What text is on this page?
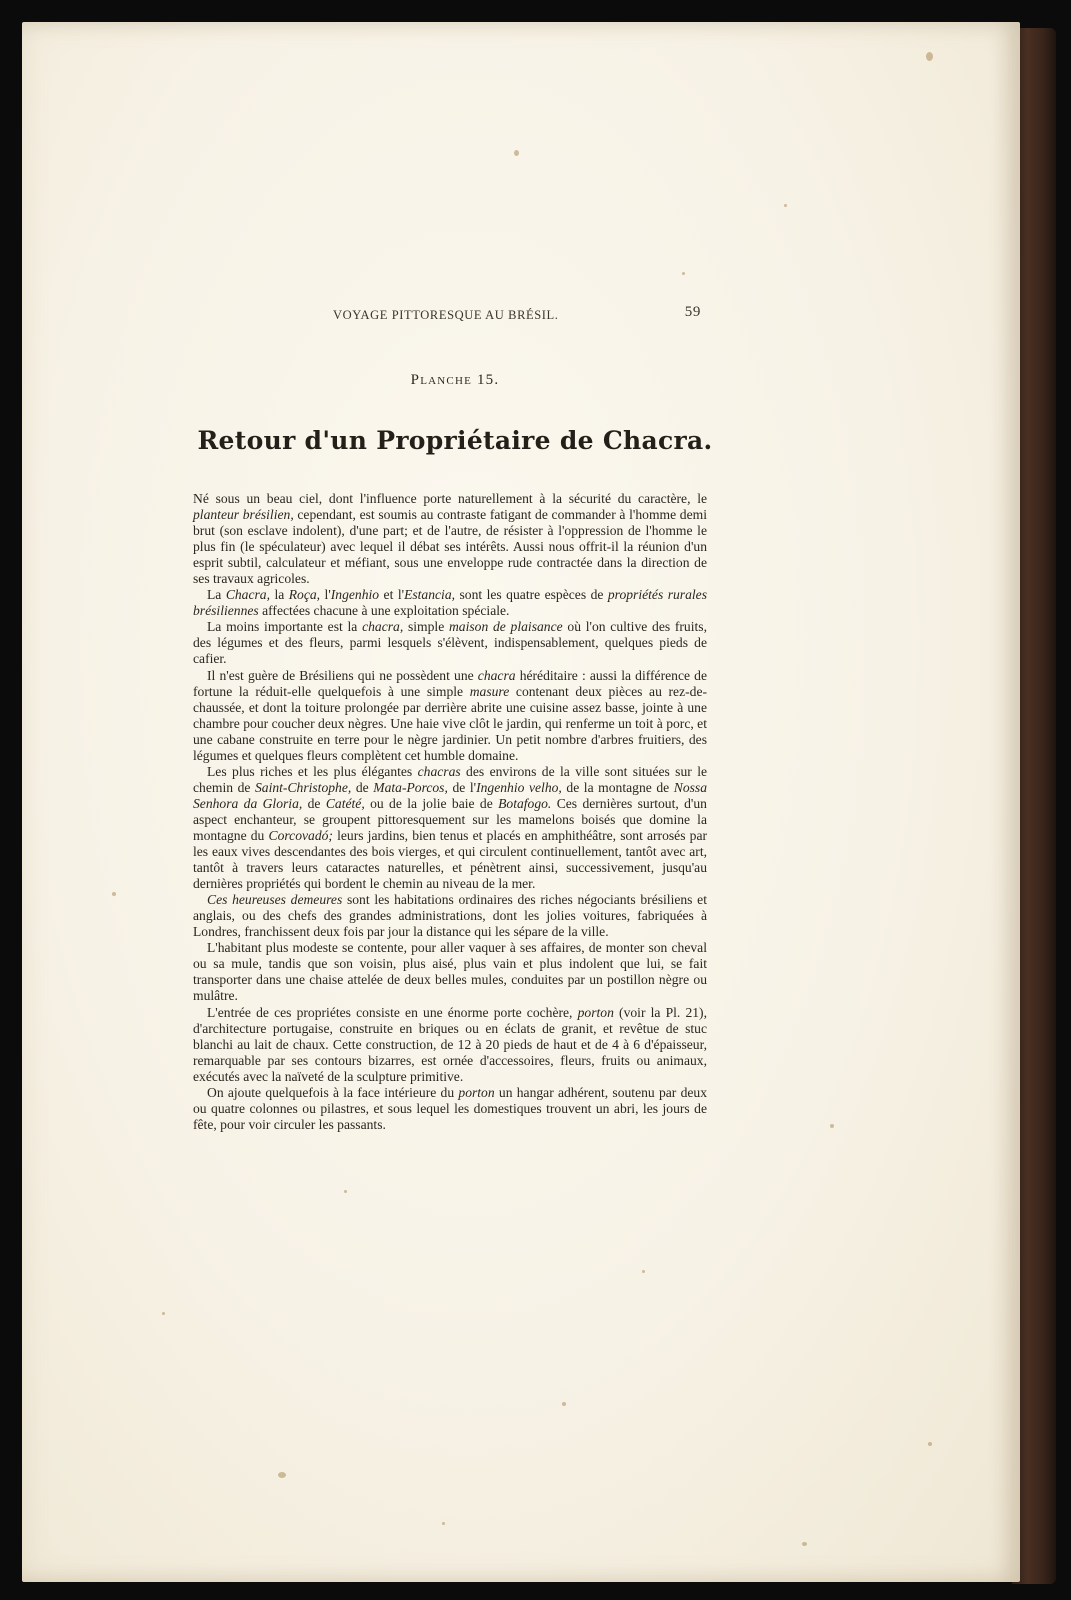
VOYAGE PITTORESQUE AU BRÉSIL.	59
Planche 15.
Retour d'un Propriétaire de Chacra.

Né sous un beau ciel, dont l'influence porte naturellement à la sécurité du caractère, le planteur brésilien, cependant, est soumis au contraste fatigant de commander à l'homme demi brut (son esclave indolent), d'une part; et de l'autre, de résister à l'oppression de l'homme le plus fin (le spéculateur) avec lequel il débat ses intérêts. Aussi nous offrit-il la réunion d'un esprit subtil, calculateur et méfiant, sous une enveloppe rude contractée dans la direction de ses travaux agricoles.

La Chacra, la Roça, l'Ingenhio et l'Estancia, sont les quatre espèces de propriétés rurales brésiliennes affectées chacune à une exploitation spéciale.

La moins importante est la chacra, simple maison de plaisance où l'on cultive des fruits, des légumes et des fleurs, parmi lesquels s'élèvent, indispensablement, quelques pieds de cafier.

Il n'est guère de Brésiliens qui ne possèdent une chacra héréditaire : aussi la différence de fortune la réduit-elle quelquefois à une simple masure contenant deux pièces au rez-de-chaussée, et dont la toiture prolongée par derrière abrite une cuisine assez basse, jointe à une chambre pour coucher deux nègres. Une haie vive clôt le jardin, qui renferme un toit à porc, et une cabane construite en terre pour le nègre jardinier. Un petit nombre d'arbres fruitiers, des légumes et quelques fleurs complètent cet humble domaine.

Les plus riches et les plus élégantes chacras des environs de la ville sont situées sur le chemin de Saint-Christophe, de Mata-Porcos, de l'Ingenhio velho, de la montagne de Nossa Senhora da Gloria, de Catété, ou de la jolie baie de Botafogo. Ces dernières surtout, d'un aspect enchanteur, se groupent pittoresquement sur les mamelons boisés que domine la montagne du Corcovadó; leurs jardins, bien tenus et placés en amphithéâtre, sont arrosés par les eaux vives descendantes des bois vierges, et qui circulent continuellement, tantôt avec art, tantôt à travers leurs cataractes naturelles, et pénètrent ainsi, successivement, jusqu'au dernières propriétés qui bordent le chemin au niveau de la mer.

Ces heureuses demeures sont les habitations ordinaires des riches négociants brésiliens et anglais, ou des chefs des grandes administrations, dont les jolies voitures, fabriquées à Londres, franchissent deux fois par jour la distance qui les sépare de la ville.

L'habitant plus modeste se contente, pour aller vaquer à ses affaires, de monter son cheval ou sa mule, tandis que son voisin, plus aisé, plus vain et plus indolent que lui, se fait transporter dans une chaise attelée de deux belles mules, conduites par un postillon nègre ou mulâtre.

L'entrée de ces propriétes consiste en une énorme porte cochère, porton (voir la Pl. 21), d'architecture portugaise, construite en briques ou en éclats de granit, et revêtue de stuc blanchi au lait de chaux. Cette construction, de 12 à 20 pieds de haut et de 4 à 6 d'épaisseur, remarquable par ses contours bizarres, est ornée d'accessoires, fleurs, fruits ou animaux, exécutés avec la naïveté de la sculpture primitive.

On ajoute quelquefois à la face intérieure du porton un hangar adhérent, soutenu par deux ou quatre colonnes ou pilastres, et sous lequel les domestiques trouvent un abri, les jours de fête, pour voir circuler les passants.
